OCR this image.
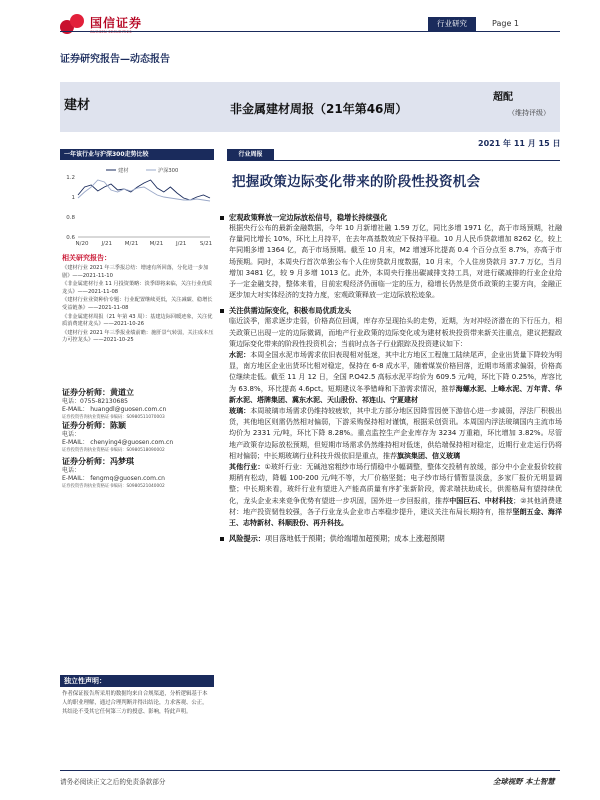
国信证券	行业研究	Page 1
证券研究报告—动态报告
建材	非金属建材周报（21年第46周）
超配
（维持评级）
2021 年 11 月 15 日
一年该行业与沪深300走势比较
1.2
1
0.8
0.6
N/20 J/21 M/21 M/21 J/21 S/21
建材	沪深300
相关研究报告：
《建材行业 2021 年三季报总结：增速有所回落，分化进一步加剧》——2021-11-10
《非金属建材行业 11 月投资策略：淡季即将来临，关注行业优质龙头》——2021-11-08
《建材行业业资种价专题：行业配置继续更低，关注减碳、稳增长受益链条》——2021-11-08
《非金属建材周报（21 年第 43 周）：基建边际回暖迹象，关注优质消费建材龙头》——2021-10-26
《建材行业 2021 年三季报业绩前瞻：施肝景气转弱，关注成本压力可控龙头》——2021-10-25
证券分析师：黄道立
电话：0755-82130685
E-MAIL： huangdl@guosen.com.cn
证券投资咨询执业资格证书编码：S0980511070003
证券分析师：陈颖
电话：
E-MAIL： chenying4@guosen.com.cn
证券投资咨询执业资格证书编码：S0980518090002
证券分析师：冯梦琪
电话：
E-MAIL： fengmq@guosen.com.cn
证券投资咨询执业资格证书编码：S0980521040002
独立性声明：
作者保证报告所采用的数据均来自合规渠道，分析逻辑基于本人的职业理解，通过合理判断并得出结论，力求客观、公正，其结论不受其它任何第三方的授意、影响，特此声明。
行业周报
把握政策边际变化带来的阶段性投资机会
宏观政策释放一定边际放松信号，稳增长持续强化
根据央行公布的最新金融数据，今年 10 月新增社融 1.59 万亿，同比多增 1971 亿，高于市场预期，社融存量同比增长 10%，环比上月持平，在去年高基数效应下保持平稳。10 月人民币贷款增加 8262 亿，较上年同期多增 1364 亿，高于市场预期。截至 10 月末，M2 增速环比提高 0.4 个百分点至 8.7%，亦高于市场预期。同时，本周央行首次单独公布个人住房贷款月度数据，10 月末，个人住房贷款月 37.7 万亿，当月增加 3481 亿，较 9 月多增 1013 亿。此外，本周央行推出碳减排支持工具，对进行碳减排的行业企业给予一定金融支持，整体来看，目前宏观经济仍面临一定的压力，稳增长仍然是货币政策的主要方向，金融正逐步加大对实体经济的支持力度，宏观政策释放一定边际放松迹象。
关注供需边际变化，积极布局优质龙头
临近淡季，需求逐步走弱，价格高位回调，库存亦呈现抬头的走势，近期，为对冲经济潜在的下行压力，相关政策已出现一定的边际微调，而地产行业政策的边际变化或为建材板块投资带来新关注重点，建议把握政策边际变化带来的阶段性投资机会；当前时点各子行业跟踪及投资建议如下：
水泥：本周全国水泥市场需求依旧表现相对低迷，其中北方地区工程施工陆续尾声，企业出货量下降较为明显，南方地区企业出货环比相对稳定，保持在 6-8 成水平，随着煤炭价格回落，近期市场需求偏弱，价格高位继续走低。截至 11 月 12 日，全国 P.O42.5 高标水泥平均价为 609.5 元/吨，环比下降 0.25%，库容比为 63.8%，环比提高 4.6pct。短期建议冬季错峰和下游需求情况，推荐海螺水泥、上峰水泥、万年青、华新水泥、塔牌集团、冀东水泥、天山股份、祁连山、宁夏建材
玻璃：本周玻璃市场需求仍维持较疲软，其中北方部分地区因降雪因使下游信心进一步减弱，浮法厂积极出货，其他地区则需仍然相对偏弱，下游采购保持相对谨慎，根据采创资讯。本周国内浮法玻璃国内主流市场均价为 2331 元/吨，环比下降 8.28%。重点监控生产企业库存为 3234 万重箱，环比增加 3.82%。尽管地产政策存边际放松预期，但短期市场需求仍然维持相对低迷，供给端保持相对稳定，近期行业走运行仍将相对偏弱；中长期玻璃行业科技升级依旧是重点，推荐旗滨集团、信义玻璃
其他行业：①玻纤行业：无碱池窑粗纱市场行情稳中小幅调整，整体交投稍有放缓，部分中小企业报价较前期稍有松动，降幅 100-200 元/吨不等，大厂价格坚挺；电子纱市场行情暂显淡盘，多家厂报价无明显调整；中长期来看，玻纤行业有望进入产能高质量有序扩张新阶段，需求端扶助成长，供需格局有望持续优化，龙头企业未来竞争优势有望进一步巩固，国外进一步回报前，推荐中国巨石、中材科技；②其他消费建材：地产投资韧性较强，各子行业龙头企业市占率稳步提升，建议关注布局长期持有，推荐坚朗五金、海洋王、志特新材、科顺股份、再升科技。
风险提示：项目落地低于预期；供给端增加超预期；成本上涨超预期
请务必阅读正文之后的免责条款部分	全球视野 本土智慧
